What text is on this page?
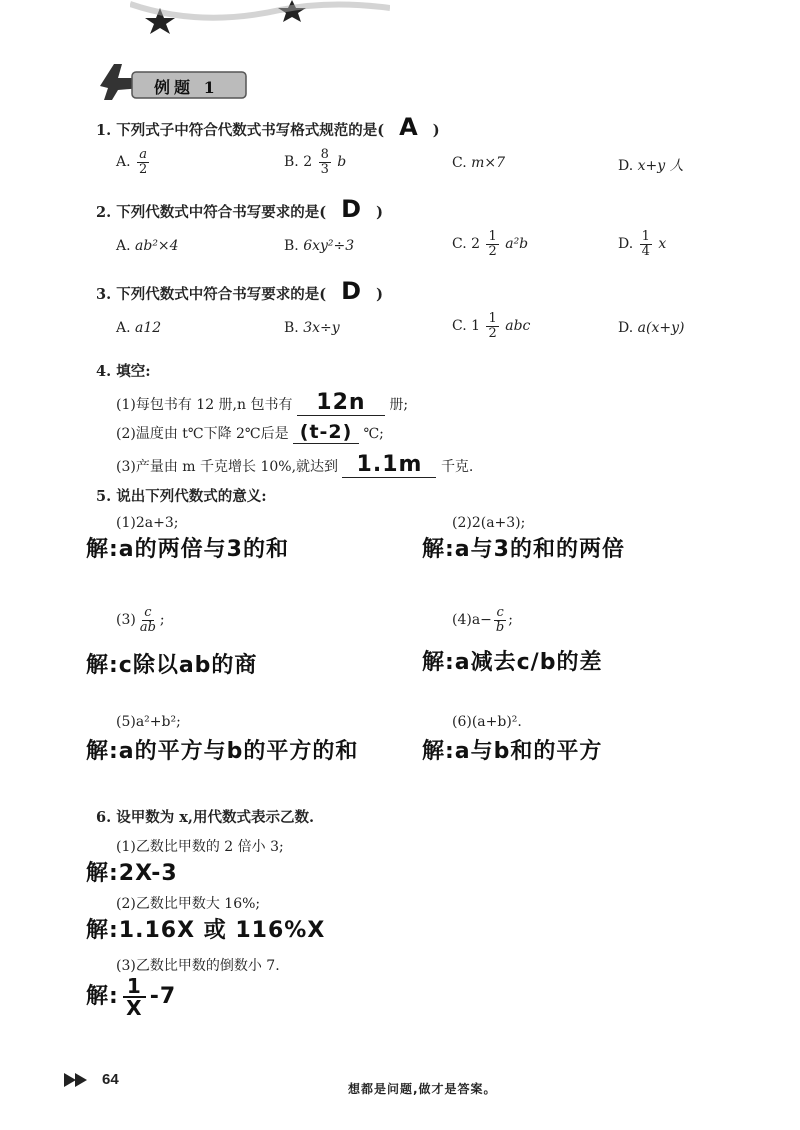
例题 1
1. 下列式子中符合代数式书写格式规范的是( A )
A. $\frac{a}{2}$	B. $2 \frac{8}{3}$ b	C. m×7	D. x+y 人
2. 下列代数式中符合书写要求的是( D )
A. ab²×4	B. 6xy²÷3	C. $2 \frac{1}{2} a^2b$	D. $\frac{1}{4}$ x
3. 下列代数式中符合书写要求的是( D )
A. a12	B. 3x÷y	C. $1 \frac{1}{2}$ abc	D. a(x+y)
4. 填空:
(1)每包书有 12 册,n 包书有 12n 册;
(2)温度由 t℃下降 2℃后是 (t-2) ℃;
(3)产量由 m 千克增长 10%,就达到 1.1m 千克.
5. 说出下列代数式的意义:
(1)2a+3;
解:a的两倍与3的和
(2)2(a+3);
解:a与3的和的两倍
$(3) \frac{c}{ab}$ ;
解:c除以ab的商
$(4)a- \frac{c}{b}$ ;
解:a减去c/b的差
(5)a²+b²;
解:a的平方与b的平方的和
(6)(a+b)².
解:a与b和的平方
6. 设甲数为 x,用代数式表示乙数.
(1)乙数比甲数的 2 倍小 3;
解:2X-3
(2)乙数比甲数大 16%;
解:1.16X 或 116%X
(3)乙数比甲数的倒数小 7.
解: $\frac{1}{X} -7$
64
想都是问题,做才是答案。
